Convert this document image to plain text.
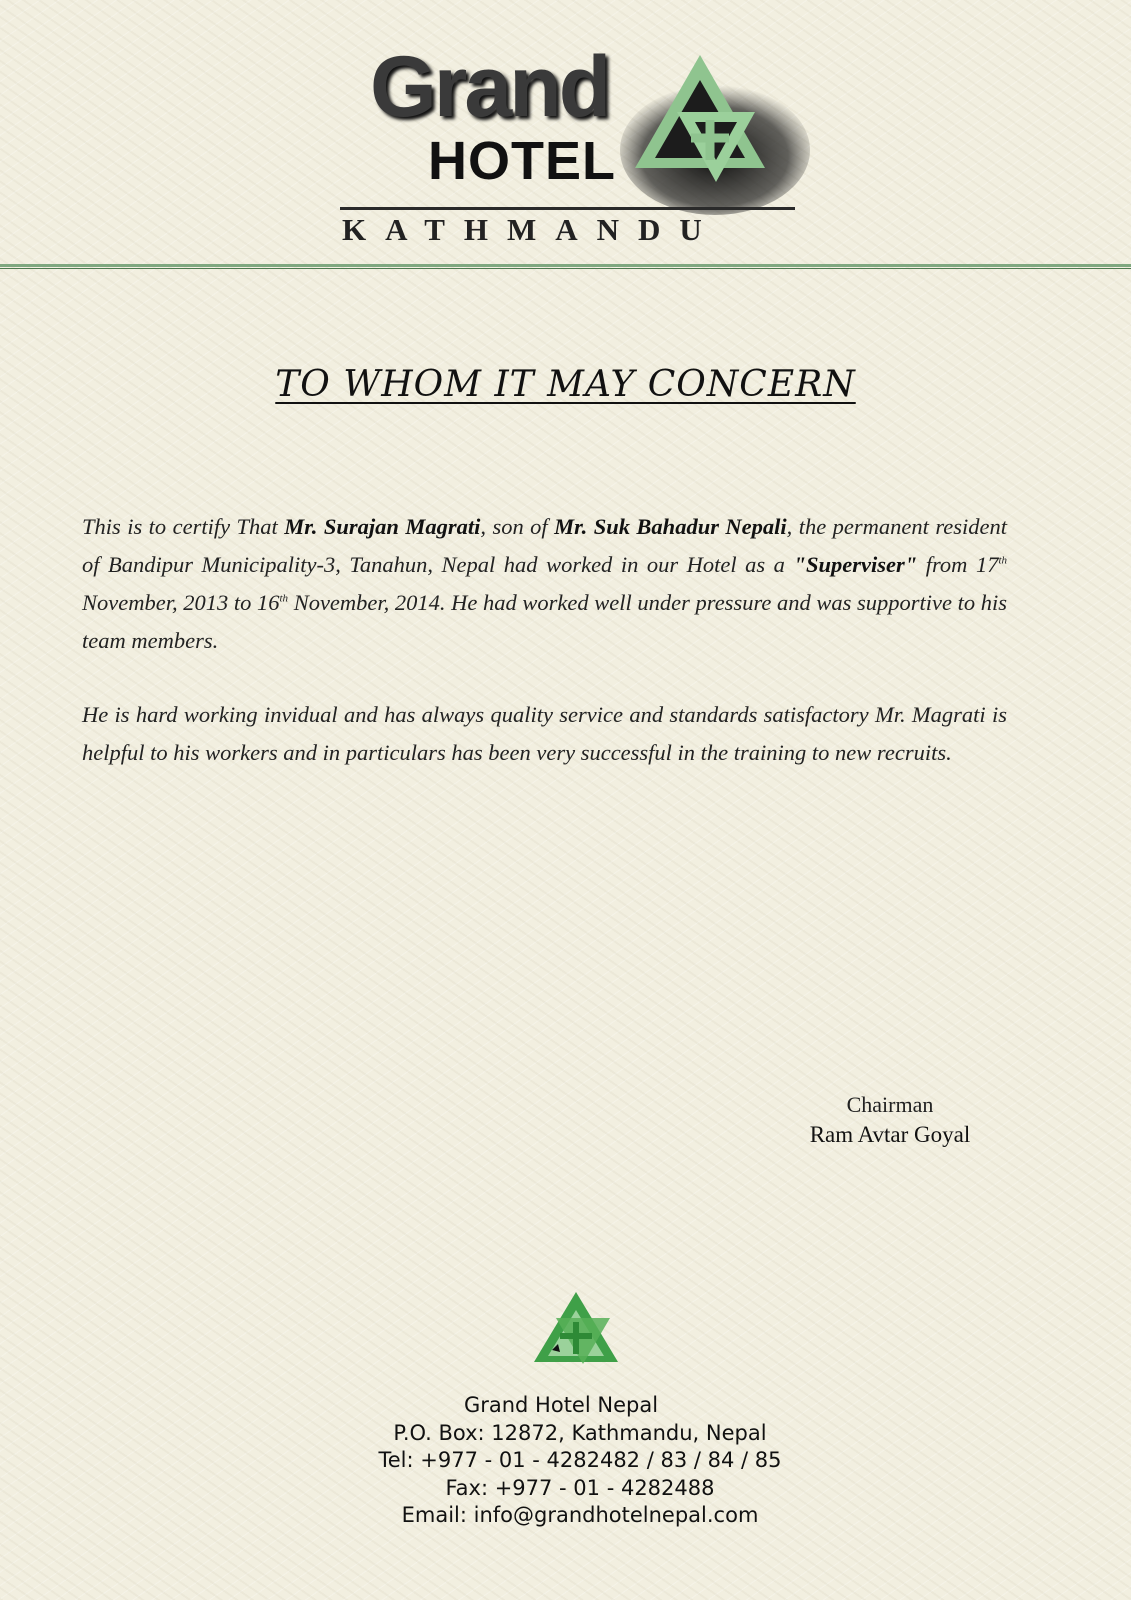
Grand
HOTEL
KATHMANDU
TO WHOM IT MAY CONCERN

This is to certify That Mr. Surajan Magrati, son of Mr. Suk Bahadur Nepali, the permanent resident of Bandipur Municipality-3, Tanahun, Nepal had worked in our Hotel as a "Superviser" from 17th November, 2013 to 16th November, 2014. He had worked well under pressure and was supportive to his team members.

He is hard working invidual and has always quality service and standards satisfactory Mr. Magrati is helpful to his workers and in particulars has been very successful in the training to new recruits.

Chairman
Ram Avtar Goyal
Grand Hotel Nepal
P.O. Box: 12872, Kathmandu, Nepal
Tel: +977 - 01 - 4282482 / 83 / 84 / 85
Fax: +977 - 01 - 4282488
Email: info@grandhotelnepal.com
